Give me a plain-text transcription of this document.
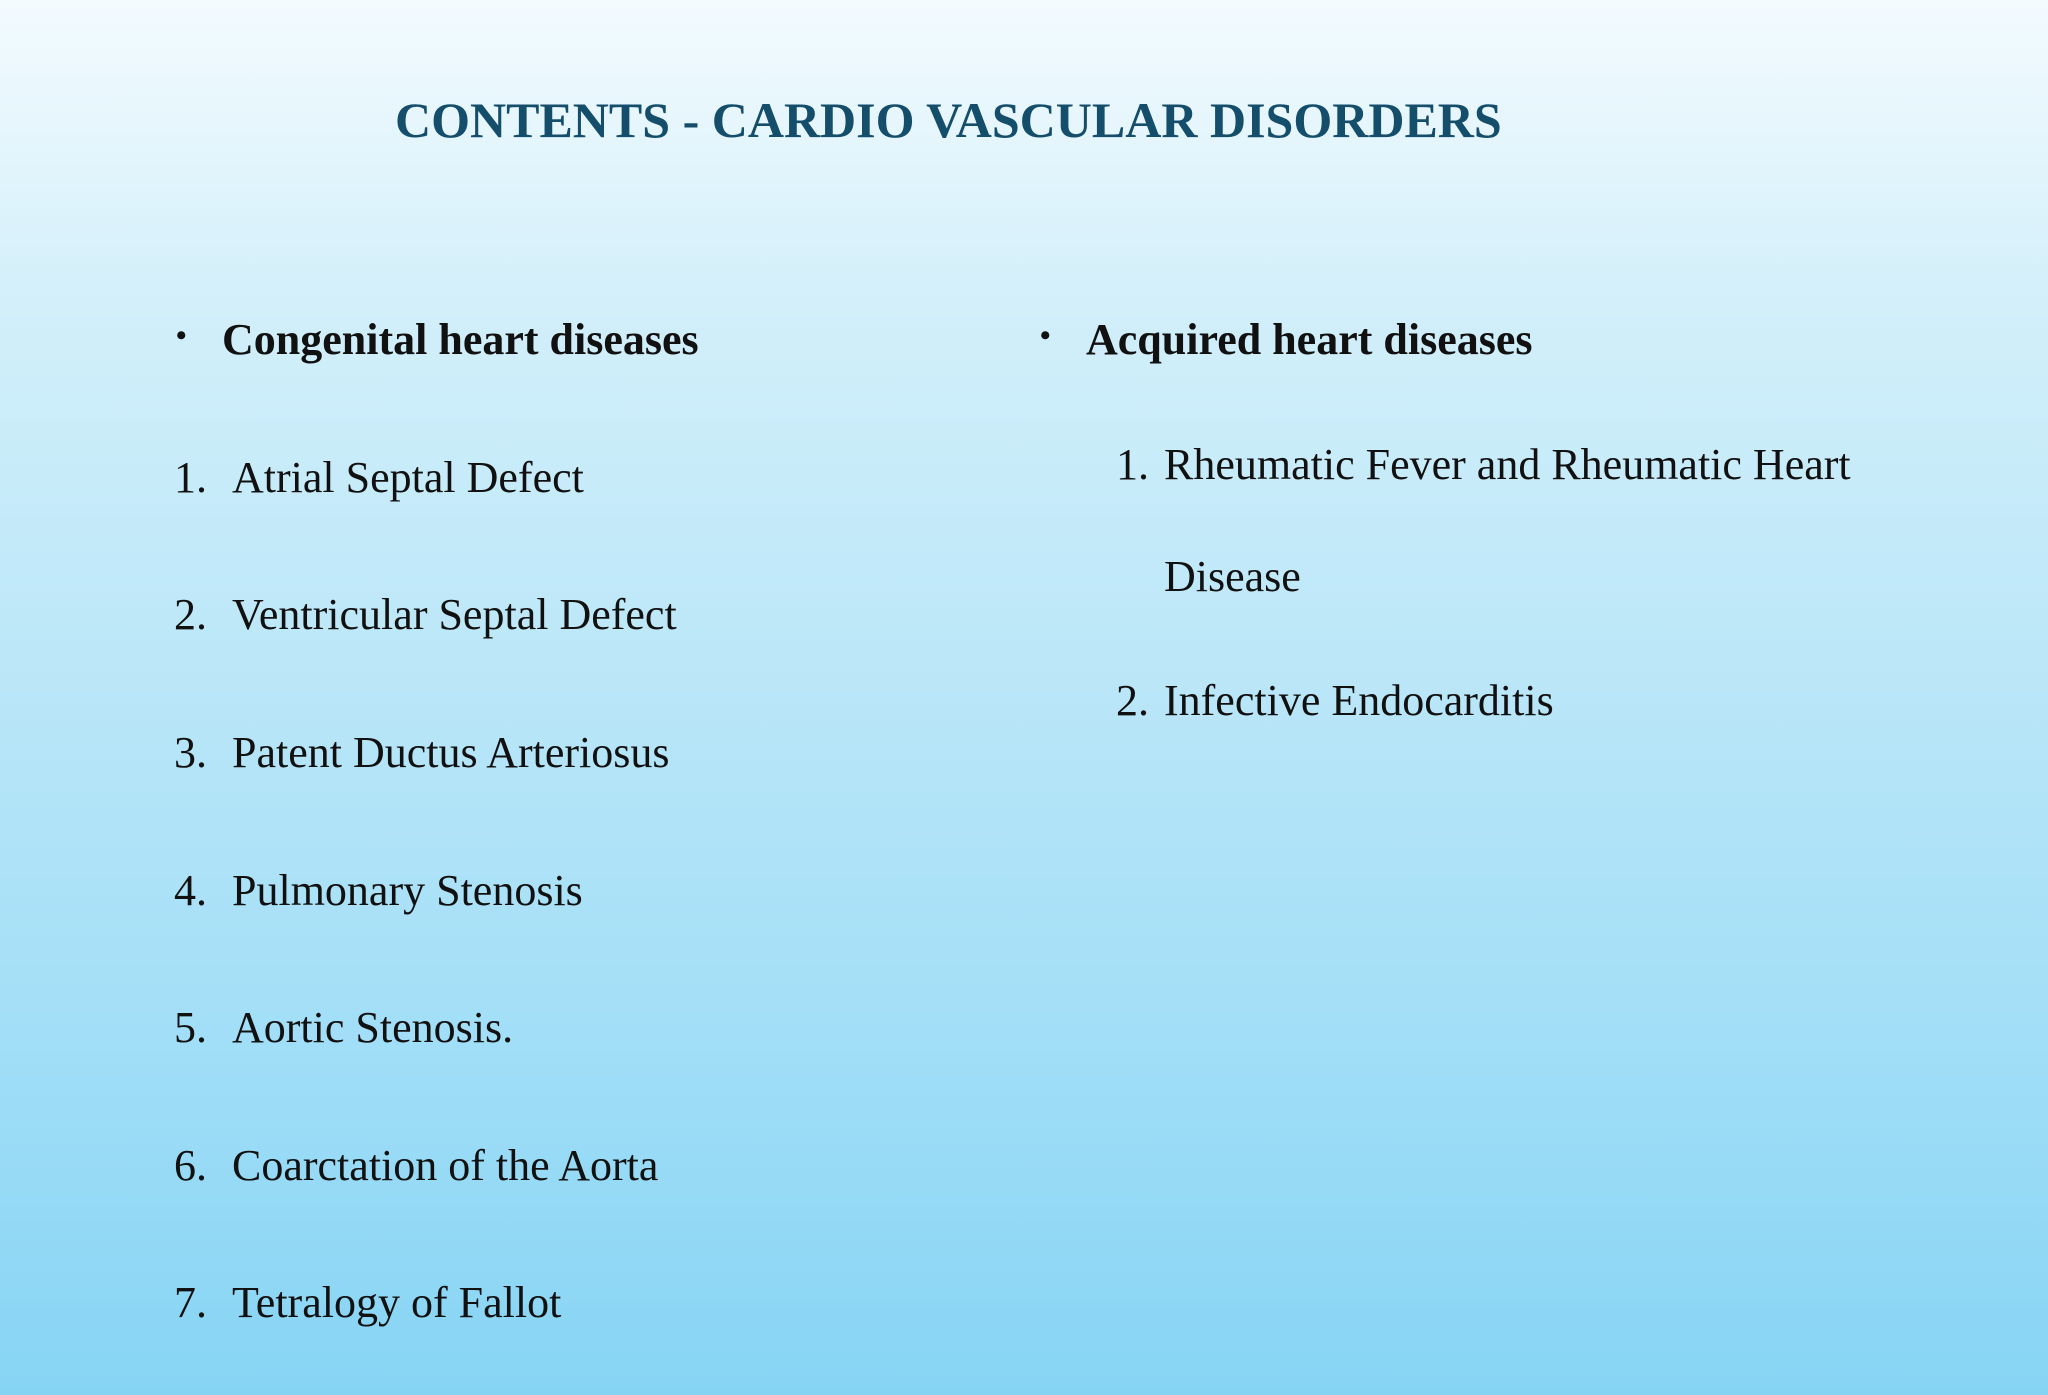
CONTENTS - CARDIO VASCULAR DISORDERS
• Congenital heart diseases
1. Atrial Septal Defect
2. Ventricular Septal Defect
3. Patent Ductus Arteriosus
4. Pulmonary Stenosis
5. Aortic Stenosis.
6. Coarctation of the Aorta
7. Tetralogy of Fallot
• Acquired heart diseases
1. Rheumatic Fever and Rheumatic Heart
Disease
2. Infective Endocarditis
